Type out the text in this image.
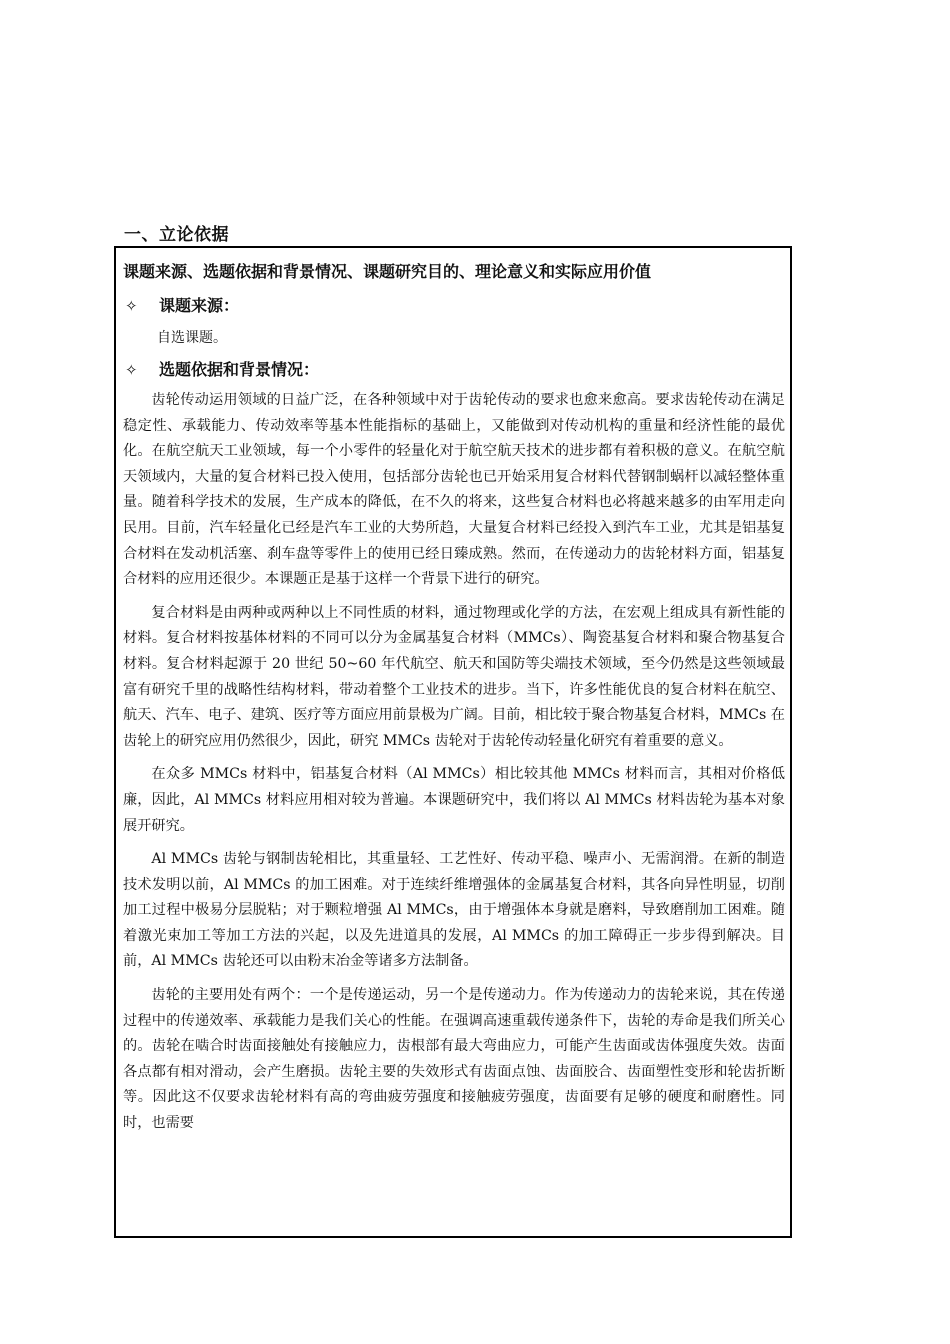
一、立论依据
课题来源、选题依据和背景情况、课题研究目的、理论意义和实际应用价值
✧	课题来源：
自选课题。
✧	选题依据和背景情况：

齿轮传动运用领域的日益广泛，在各种领域中对于齿轮传动的要求也愈来愈高。要求齿轮传动在满足稳定性、承载能力、传动效率等基本性能指标的基础上，又能做到对传动机构的重量和经济性能的最优化。在航空航天工业领域，每一个小零件的轻量化对于航空航天技术的进步都有着积极的意义。在航空航天领域内，大量的复合材料已投入使用，包括部分齿轮也已开始采用复合材料代替钢制蜗杆以减轻整体重量。随着科学技术的发展，生产成本的降低，在不久的将来，这些复合材料也必将越来越多的由军用走向民用。目前，汽车轻量化已经是汽车工业的大势所趋，大量复合材料已经投入到汽车工业，尤其是铝基复合材料在发动机活塞、刹车盘等零件上的使用已经日臻成熟。然而，在传递动力的齿轮材料方面，铝基复合材料的应用还很少。本课题正是基于这样一个背景下进行的研究。

复合材料是由两种或两种以上不同性质的材料，通过物理或化学的方法，在宏观上组成具有新性能的材料。复合材料按基体材料的不同可以分为金属基复合材料（MMCs）、陶瓷基复合材料和聚合物基复合材料。复合材料起源于 20 世纪 50~60 年代航空、航天和国防等尖端技术领域，至今仍然是这些领域最富有研究千里的战略性结构材料，带动着整个工业技术的进步。当下，许多性能优良的复合材料在航空、航天、汽车、电子、建筑、医疗等方面应用前景极为广阔。目前，相比较于聚合物基复合材料，MMCs 在齿轮上的研究应用仍然很少，因此，研究 MMCs 齿轮对于齿轮传动轻量化研究有着重要的意义。

在众多 MMCs 材料中，铝基复合材料（Al MMCs）相比较其他 MMCs 材料而言，其相对价格低廉，因此，Al MMCs 材料应用相对较为普遍。本课题研究中，我们将以 Al MMCs 材料齿轮为基本对象展开研究。

Al MMCs 齿轮与钢制齿轮相比，其重量轻、工艺性好、传动平稳、噪声小、无需润滑。在新的制造技术发明以前，Al MMCs 的加工困难。对于连续纤维增强体的金属基复合材料，其各向异性明显，切削加工过程中极易分层脱粘；对于颗粒增强 Al MMCs，由于增强体本身就是磨料，导致磨削加工困难。随着激光束加工等加工方法的兴起，以及先进道具的发展，Al MMCs 的加工障碍正一步步得到解决。目前，Al MMCs 齿轮还可以由粉末冶金等诸多方法制备。

齿轮的主要用处有两个：一个是传递运动，另一个是传递动力。作为传递动力的齿轮来说，其在传递过程中的传递效率、承载能力是我们关心的性能。在强调高速重载传递条件下，齿轮的寿命是我们所关心的。齿轮在啮合时齿面接触处有接触应力，齿根部有最大弯曲应力，可能产生齿面或齿体强度失效。齿面各点都有相对滑动，会产生磨损。齿轮主要的失效形式有齿面点蚀、齿面胶合、齿面塑性变形和轮齿折断等。因此这不仅要求齿轮材料有高的弯曲疲劳强度和接触疲劳强度，齿面要有足够的硬度和耐磨性。同时，也需要
